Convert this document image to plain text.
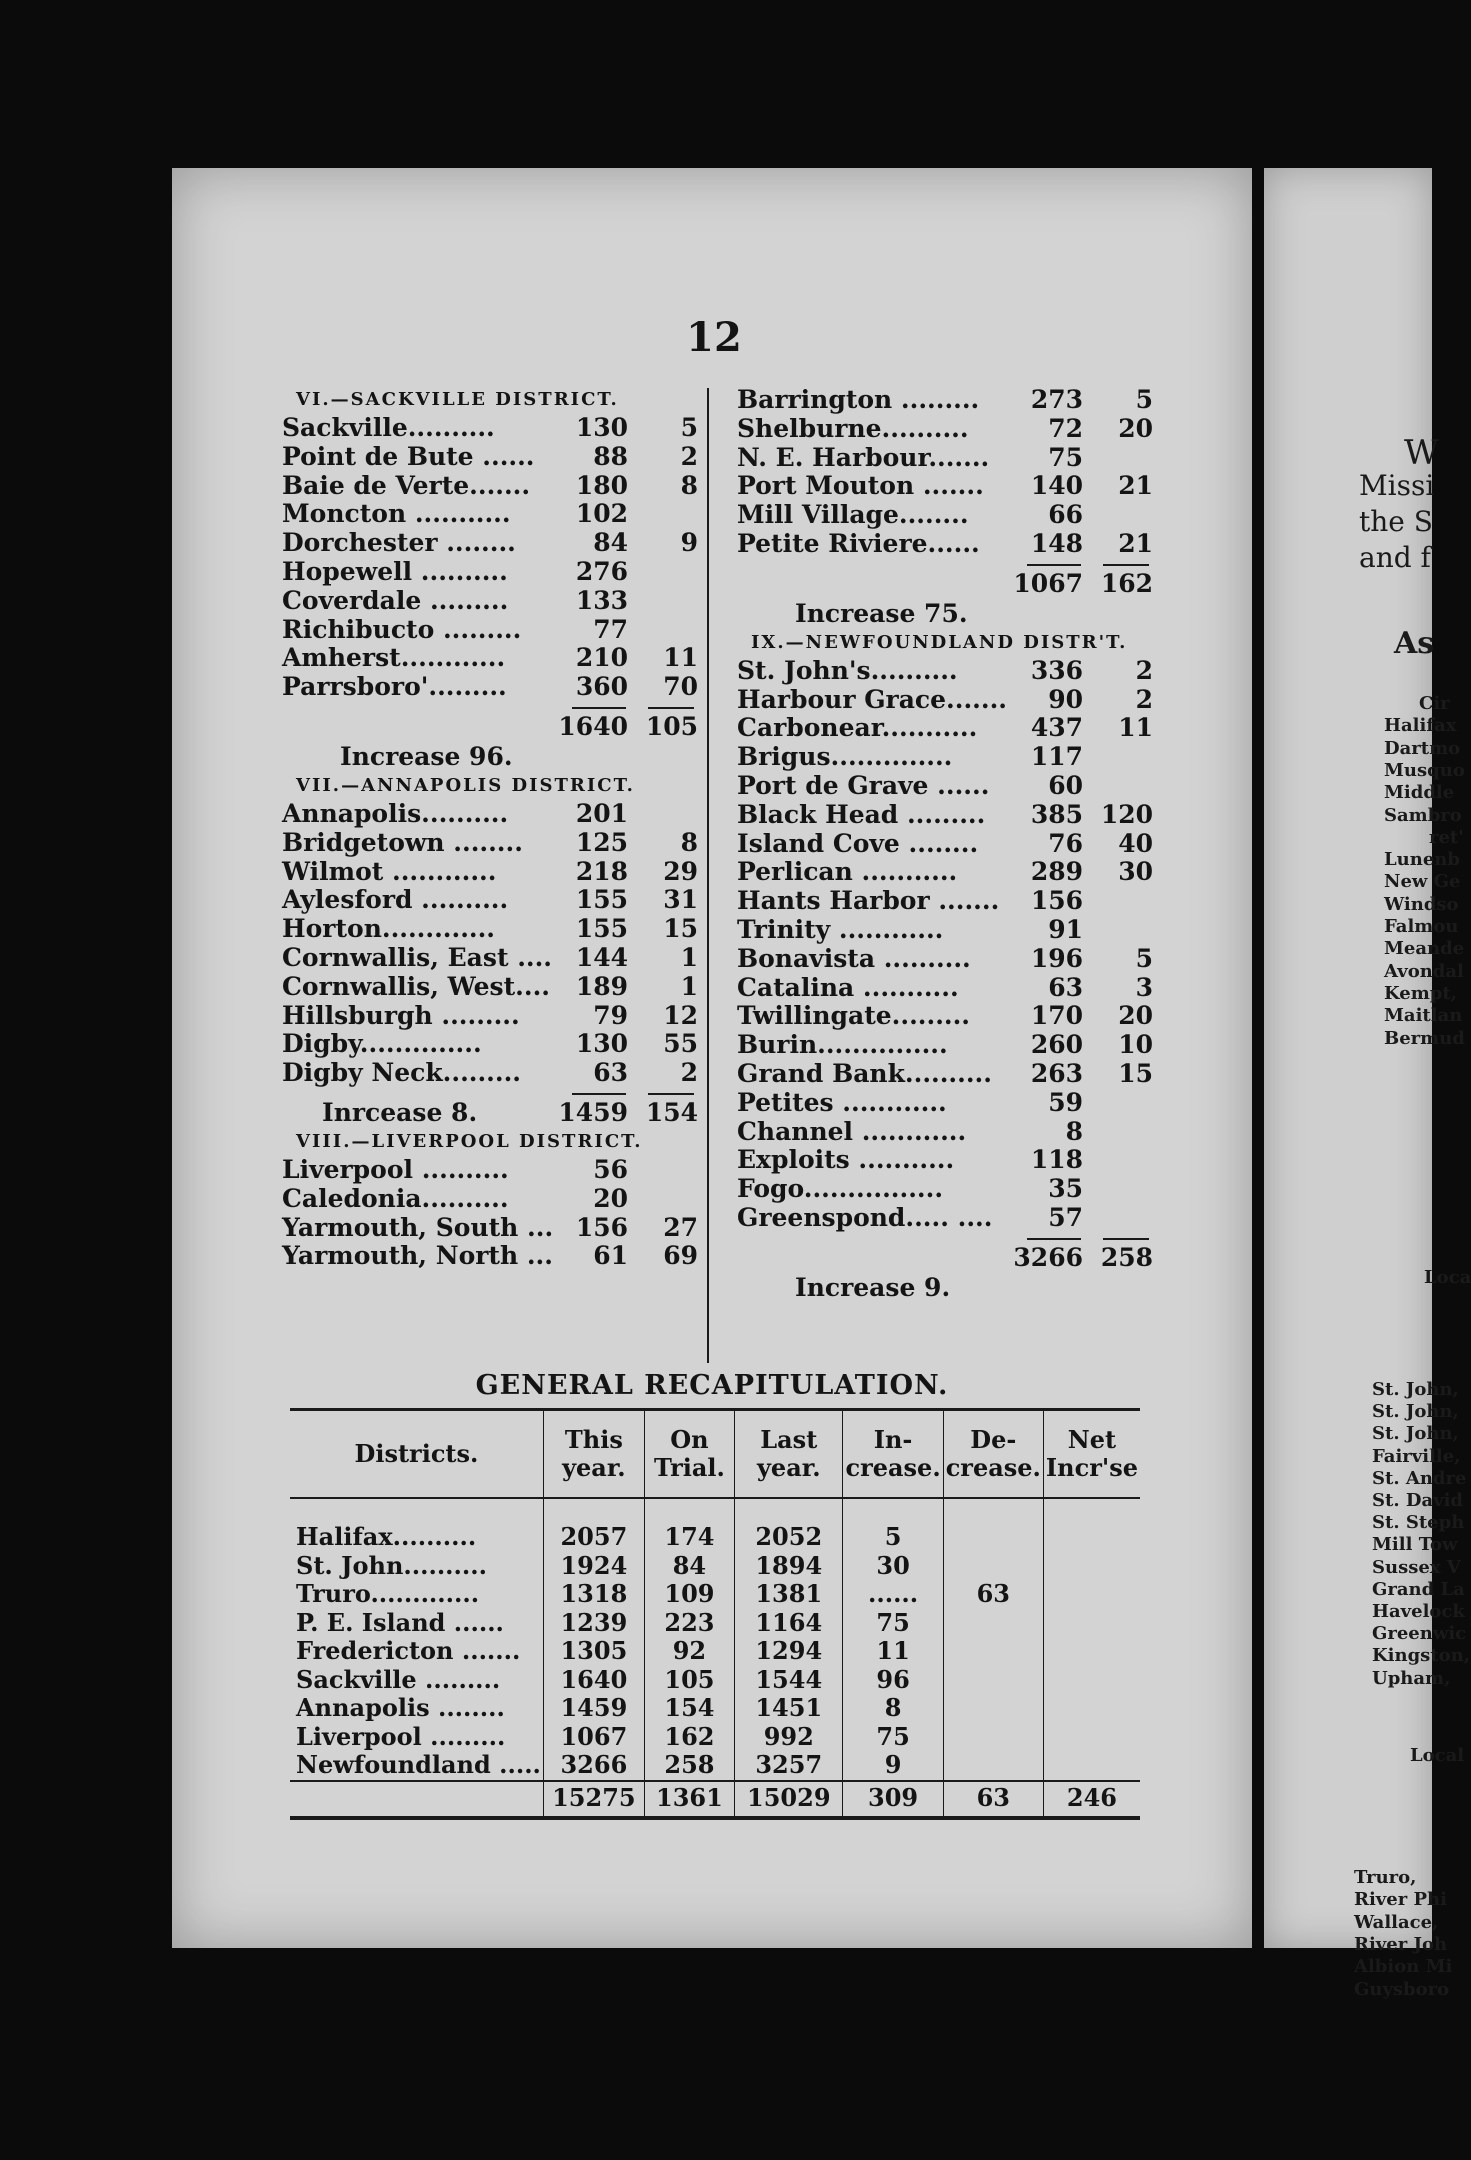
12
VI.—SACKVILLE DISTRICT.
Sackville..........	130	5
Point de Bute ......	88	2
Baie de Verte.......	180	8
Moncton ...........	102
Dorchester ........	84	9
Hopewell ..........	276
Coverdale .........	133
Richibucto .........	77
Amherst............	210	11
Parrsboro'.........	360	70
1640 105
Increase 96.
VII.—ANNAPOLIS DISTRICT.
Annapolis..........	201
Bridgetown ........	125	8
Wilmot ............	218	29
Aylesford ..........	155	31
Horton.............	155	15
Cornwallis, East .... 144	1
Cornwallis, West....	189	1
Hillsburgh .........	79	12
Digby..............	130	55
Digby Neck.........	63	2
Inrcease 8.	1459 154
VIII.—LIVERPOOL DISTRICT.
Liverpool ..........	56
Caledonia..........	20
Yarmouth, South ... 156	27
Yarmouth, North ...	61	69
Barrington .........	273	5
Shelburne..........	72	20
N. E. Harbour.......	75
Port Mouton .......	140	21
Mill Village........	66
Petite Riviere......	148	21
1067 162
Increase 75.
IX.—NEWFOUNDLAND DISTR'T.
St. John's..........	336	2
Harbour Grace.......	90	2
Carbonear...........	437	11
Brigus..............	117
Port de Grave ......	60
Black Head .........	385 120
Island Cove ........	76	40
Perlican ...........	289	30
Hants Harbor .......	156
Trinity ............	91
Bonavista ..........	196	5
Catalina ...........	63	3
Twillingate.........	170	20
Burin...............	260	10
Grand Bank..........	263	15
Petites ............	59
Channel ............	8
Exploits ...........	118
Fogo................	35
Greenspond..... ....	57
3266 258
Increase 9.
GENERAL RECAPITULATION.
Districts.	This year.	On Trial.	Last year.	In-crease.	De-crease.	Net Incr'se

Halifax..........	2057	174	2052	5		
St. John..........	1924	84	1894	30		
Truro.............	1318	109	1381	......	63	
P. E. Island ......	1239	223	1164	75		
Fredericton .......	1305	92	1294	11		
Sackville .........	1640	105	1544	96		
Annapolis ........	1459	154	1451	8		
Liverpool .........	1067	162	992	75		
Newfoundland .....	3266	258	3257	9		
	15275	1361	15029	309	63	246
W
Missi
the S
and f
As
Cir
Halifax
Dartmo
Musquo
Middle
Sambro
ret'
Lunenb
New Ge
Windso
Falmou
Meande
Avondal
Kempt,
Maitlan
Bermud
Loca
St. John,
St. John,
St. John,
Fairville,
St. Andre
St. David
St. Steph
Mill Tow
Sussex V
Grand La
Havelock
Greenwic
Kingston,
Upham,
Local
Truro,
River Phi
Wallace,
River Joh
Albion Mi
Guysboro
